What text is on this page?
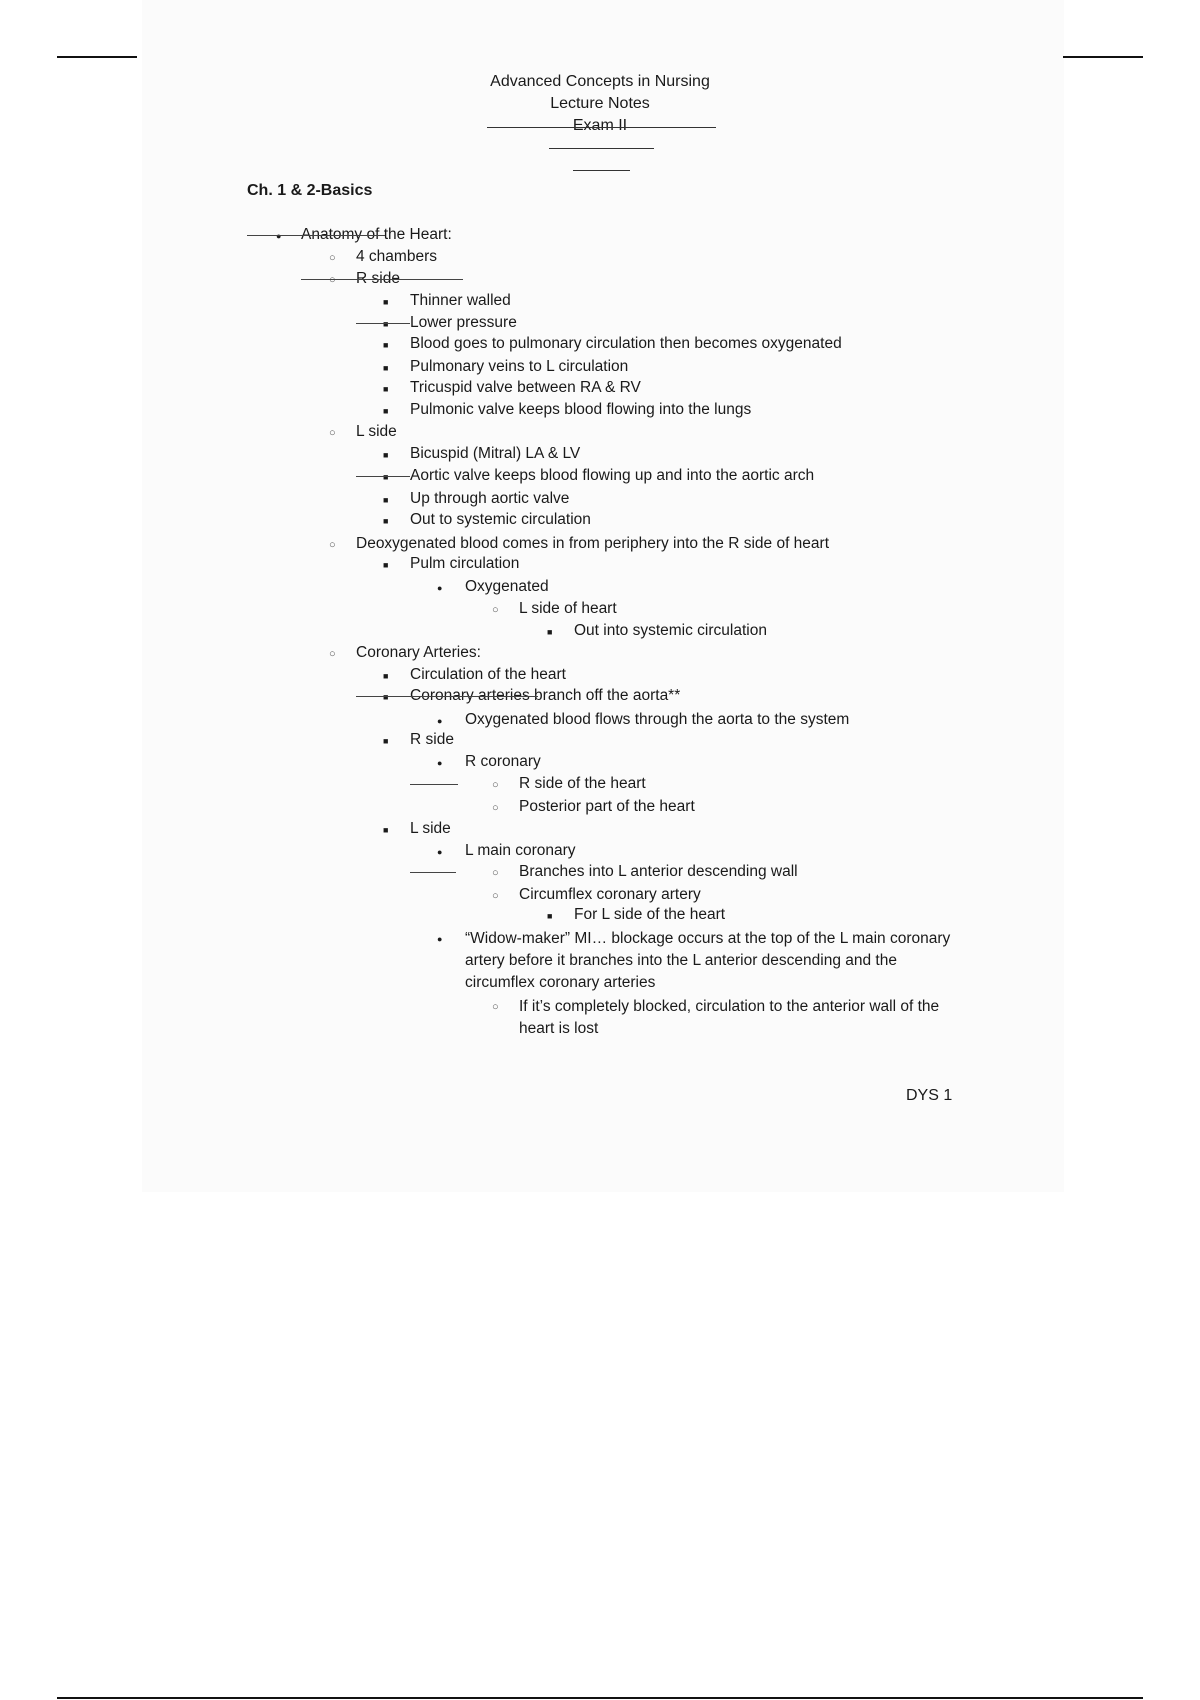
Advanced Concepts in Nursing
Lecture Notes
Exam II
Ch. 1 & 2-Basics
●
Anatomy of the Heart:
○
4 chambers
○
R side
■
Thinner walled
■
Lower pressure
■
Blood goes to pulmonary circulation then becomes oxygenated
■
Pulmonary veins to L circulation
■
Tricuspid valve between RA & RV
■
Pulmonic valve keeps blood flowing into the lungs
○
L side
■
Bicuspid (Mitral) LA & LV
■
Aortic valve keeps blood flowing up and into the aortic arch
■
Up through aortic valve
■
Out to systemic circulation
○
Deoxygenated blood comes in from periphery into the R side of heart
■
Pulm circulation
●
Oxygenated
○
L side of heart
■
Out into systemic circulation
○
Coronary Arteries:
■
Circulation of the heart
■
Coronary arteries branch off the aorta**
●
Oxygenated blood flows through the aorta to the system
■
R side
●
R coronary
○
R side of the heart
○
Posterior part of the heart
■
L side
●
L main coronary
○
Branches into L anterior descending wall
○
Circumflex coronary artery
■
For L side of the heart
●
“Widow-maker” MI… blockage occurs at the top of the L main coronary artery before it branches into the L anterior descending and the circumflex coronary arteries
○
If it’s completely blocked, circulation to the anterior wall of the heart is lost
DYS 1
